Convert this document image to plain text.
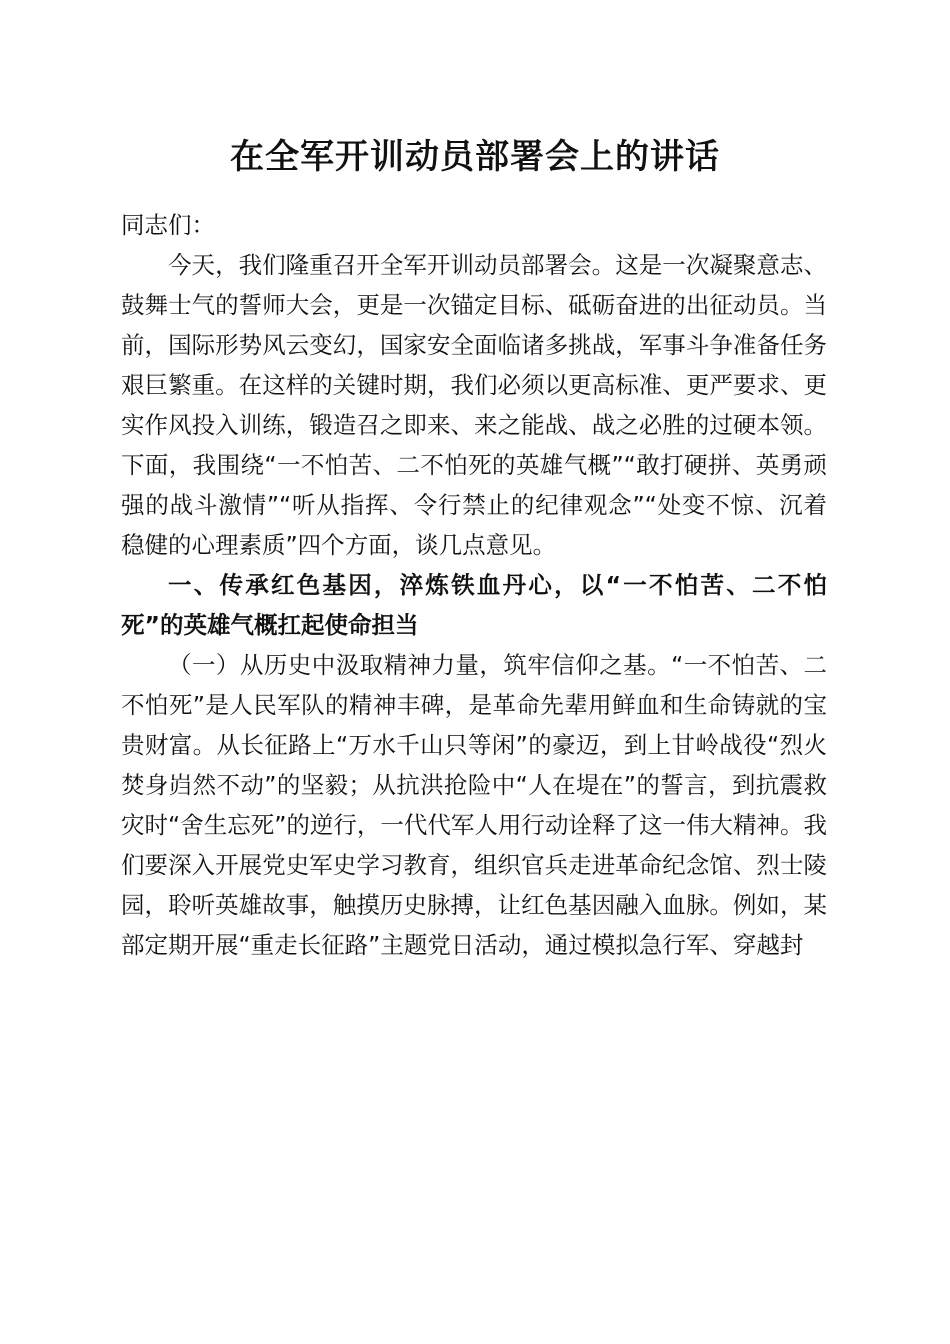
在全军开训动员部署会上的讲话

同志们：

今天，我们隆重召开全军开训动员部署会。这是一次凝聚意志、鼓舞士气的誓师大会，更是一次锚定目标、砥砺奋进的出征动员。当前，国际形势风云变幻，国家安全面临诸多挑战，军事斗争准备任务艰巨繁重。在这样的关键时期，我们必须以更高标准、更严要求、更实作风投入训练，锻造召之即来、来之能战、战之必胜的过硬本领。下面，我围绕“一不怕苦、二不怕死的英雄气概”“敢打硬拼、英勇顽强的战斗激情”“听从指挥、令行禁止的纪律观念”“处变不惊、沉着稳健的心理素质”四个方面，谈几点意见。

一、传承红色基因，淬炼铁血丹心，以“一不怕苦、二不怕死”的英雄气概扛起使命担当

（一）从历史中汲取精神力量，筑牢信仰之基。“一不怕苦、二不怕死”是人民军队的精神丰碑，是革命先辈用鲜血和生命铸就的宝贵财富。从长征路上“万水千山只等闲”的豪迈，到上甘岭战役“烈火焚身岿然不动”的坚毅；从抗洪抢险中“人在堤在”的誓言，到抗震救灾时“舍生忘死”的逆行，一代代军人用行动诠释了这一伟大精神。我们要深入开展党史军史学习教育，组织官兵走进革命纪念馆、烈士陵园，聆听英雄故事，触摸历史脉搏，让红色基因融入血脉。例如，某部定期开展“重走长征路”主题党日活动，通过模拟急行军、穿越封
